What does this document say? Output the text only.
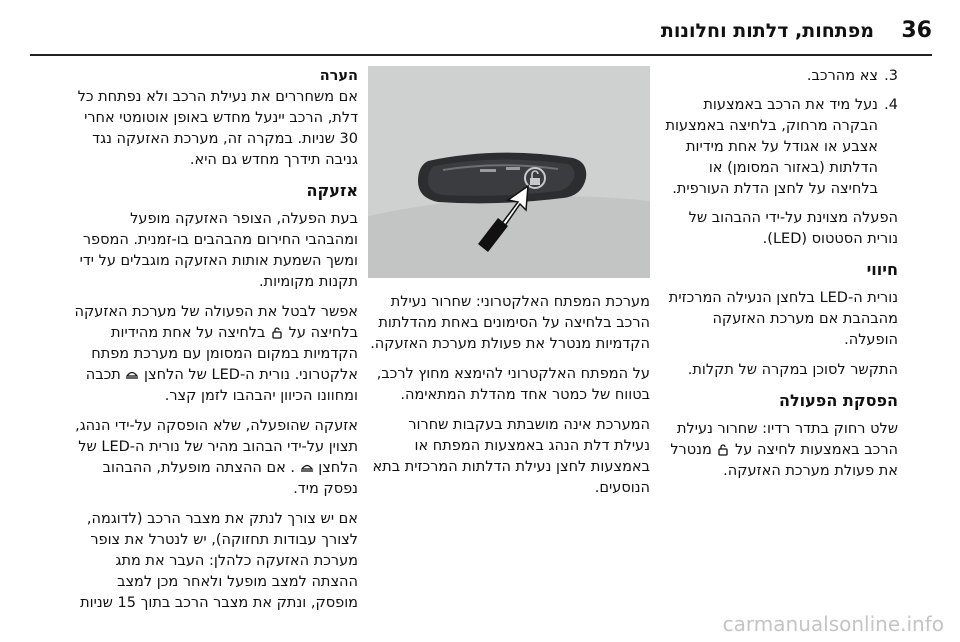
36
מפתחות, דלתות וחלונות
3.
צא מהרכב.
4.
נעל מיד את הרכב באמצעות הבקרה מרחוק, בלחיצה באמצעות אצבע או אגודל על אחת מידיות הדלתות (באזור המסומן) או בלחיצה על לחצן הדלת העורפית.

הפעלה מצוינת על-ידי ההבהוב של נורית הסטטוס (LED).

חיווי

נורית ה-LED בלחצן הנעילה המרכזית מהבהבת אם מערכת האזעקה הופעלה.

התקשר לסוכן במקרה של תקלות.

הפסקת הפעולה

שלט רחוק בתדר רדיו: שחרור נעילת הרכב באמצעות לחיצה על  מנטרל את פעולת מערכת האזעקה.

מערכת המפתח האלקטרוני: שחרור נעילת הרכב בלחיצה על הסימונים באחת מהדלתות הקדמיות מנטרל את פעולת מערכת האזעקה.

על המפתח האלקטרוני להימצא מחוץ לרכב, בטווח של כמטר אחד מהדלת המתאימה.

המערכת אינה מושבתת בעקבות שחרור נעילת דלת הנהג באמצעות המפתח או באמצעות לחצן נעילת הדלתות המרכזית בתא הנוסעים.

הערה

אם משחררים את נעילת הרכב ולא נפתחת כל דלת, הרכב יינעל מחדש באופן אוטומטי אחרי 30 שניות. במקרה זה, מערכת האזעקה נגד גניבה תידרך מחדש גם היא.

אזעקה

בעת הפעלה, הצופר האזעקה מופעל ומהבהבי החירום מהבהבים בו-זמנית. המספר ומשך השמעת אותות האזעקה מוגבלים על ידי תקנות מקומיות.

אפשר לבטל את הפעולה של מערכת האזעקה בלחיצה על  בלחיצה על אחת מהידיות הקדמיות במקום המסומן עם מערכת מפתח אלקטרוני. נורית ה-LED של הלחצן  תכבה ומחוונו הכיוון יהבהבו לזמן קצר.

אזעקה שהופעלה, שלא הופסקה על-ידי הנהג, תצוין על-ידי הבהוב מהיר של נורית ה-LED של הלחצן  . אם ההצתה מופעלת, ההבהוב נפסק מיד.

אם יש צורך לנתק את מצבר הרכב (לדוגמה, לצורך עבודות תחזוקה), יש לנטרל את צופר מערכת האזעקה כלהלן: העבר את מתג ההצתה למצב מופעל ולאחר מכן למצב מופסק, ונתק את מצבר הרכב בתוך 15 שניות

carmanualsonline.info
